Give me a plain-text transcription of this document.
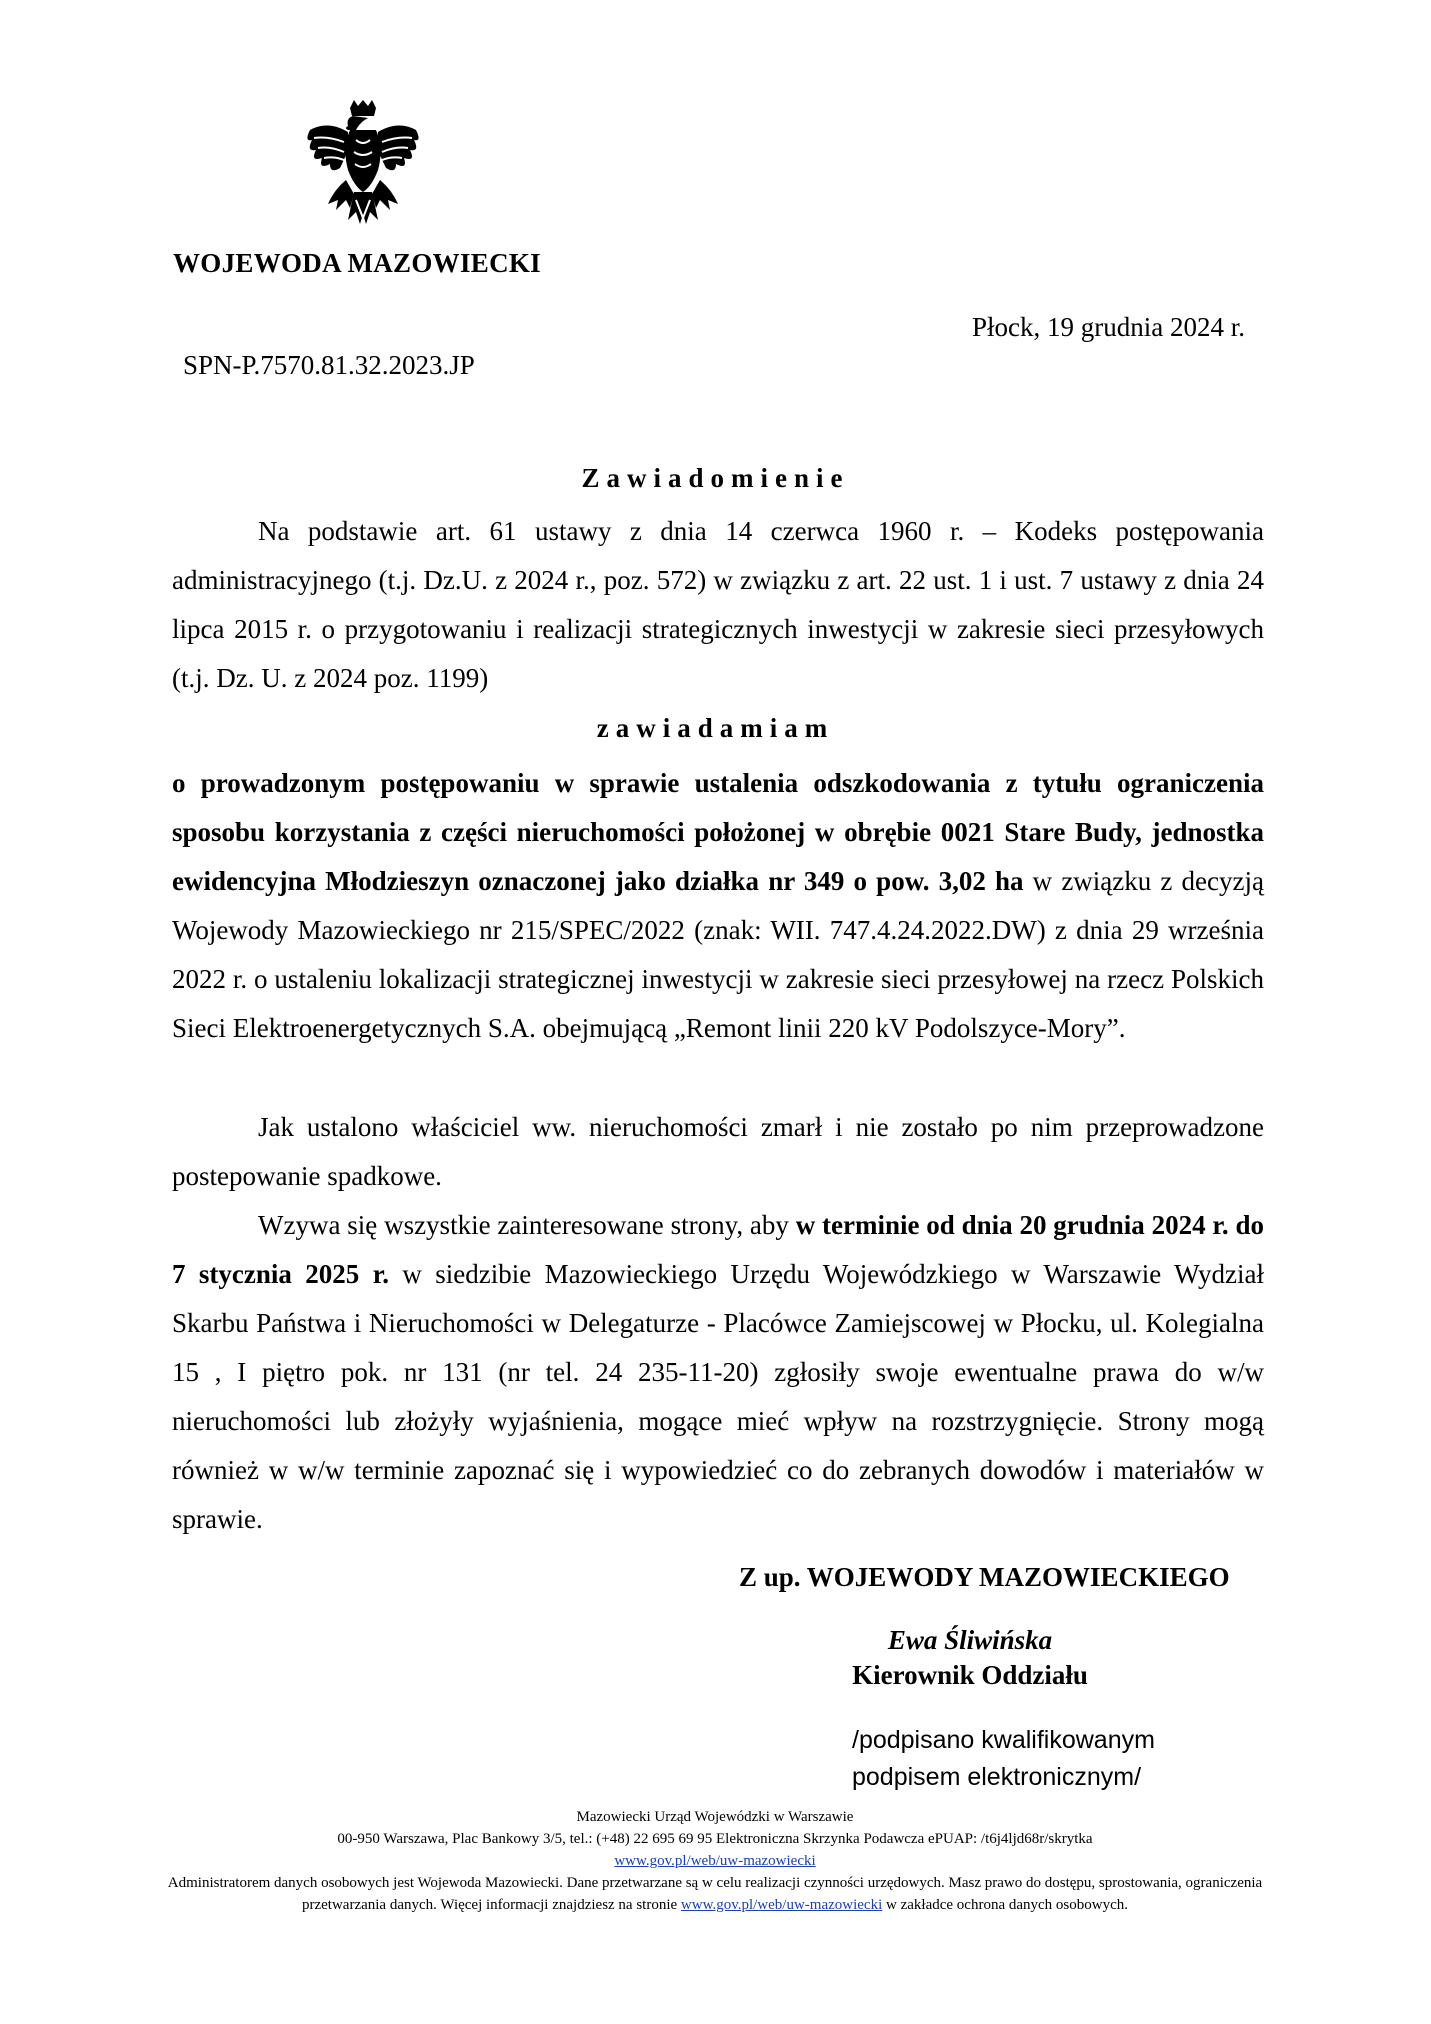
WOJEWODA MAZOWIECKI
Płock, 19 grudnia 2024 r.
SPN-P.7570.81.32.2023.JP
Zawiadomienie
Na podstawie art. 61 ustawy z dnia 14 czerwca 1960 r. – Kodeks postępowania administracyjnego (t.j. Dz.U. z 2024 r., poz. 572) w związku z art. 22 ust. 1 i ust. 7 ustawy z dnia 24 lipca 2015 r. o przygotowaniu i realizacji strategicznych inwestycji w zakresie sieci przesyłowych (t.j. Dz. U. z 2024 poz. 1199)
zawiadamiam
o prowadzonym postępowaniu w sprawie ustalenia odszkodowania z tytułu ograniczenia sposobu korzystania z części nieruchomości położonej w obrębie 0021 Stare Budy, jednostka ewidencyjna Młodzieszyn oznaczonej jako działka nr 349 o pow. 3,02 ha w związku z decyzją Wojewody Mazowieckiego nr 215/SPEC/2022 (znak: WII. 747.4.24.2022.DW) z dnia 29 września 2022 r. o ustaleniu lokalizacji strategicznej inwestycji w zakresie sieci przesyłowej na rzecz Polskich Sieci Elektroenergetycznych S.A. obejmującą „Remont linii 220 kV Podolszyce-Mory”.
Jak ustalono właściciel ww. nieruchomości zmarł i nie zostało po nim przeprowadzone postepowanie spadkowe.
Wzywa się wszystkie zainteresowane strony, aby w terminie od dnia 20 grudnia 2024 r. do 7 stycznia 2025 r. w siedzibie Mazowieckiego Urzędu Wojewódzkiego w Warszawie Wydział Skarbu Państwa i Nieruchomości w Delegaturze - Placówce Zamiejscowej w Płocku, ul. Kolegialna 15 , I piętro pok. nr 131 (nr tel. 24 235-11-20) zgłosiły swoje ewentualne prawa do w/w nieruchomości lub złożyły wyjaśnienia, mogące mieć wpływ na rozstrzygnięcie. Strony mogą również w w/w terminie zapoznać się i wypowiedzieć co do zebranych dowodów i materiałów w sprawie.
Z up. WOJEWODY MAZOWIECKIEGO
Ewa Śliwińska
Kierownik Oddziału
/podpisano kwalifikowanym
podpisem elektronicznym/
Mazowiecki Urząd Wojewódzki w Warszawie
00-950 Warszawa, Plac Bankowy 3/5, tel.: (+48) 22 695 69 95 Elektroniczna Skrzynka Podawcza ePUAP: /t6j4ljd68r/skrytka
www.gov.pl/web/uw-mazowiecki
Administratorem danych osobowych jest Wojewoda Mazowiecki. Dane przetwarzane są w celu realizacji czynności urzędowych. Masz prawo do dostępu, sprostowania, ograniczenia przetwarzania danych. Więcej informacji znajdziesz na stronie www.gov.pl/web/uw-mazowiecki w zakładce ochrona danych osobowych.
